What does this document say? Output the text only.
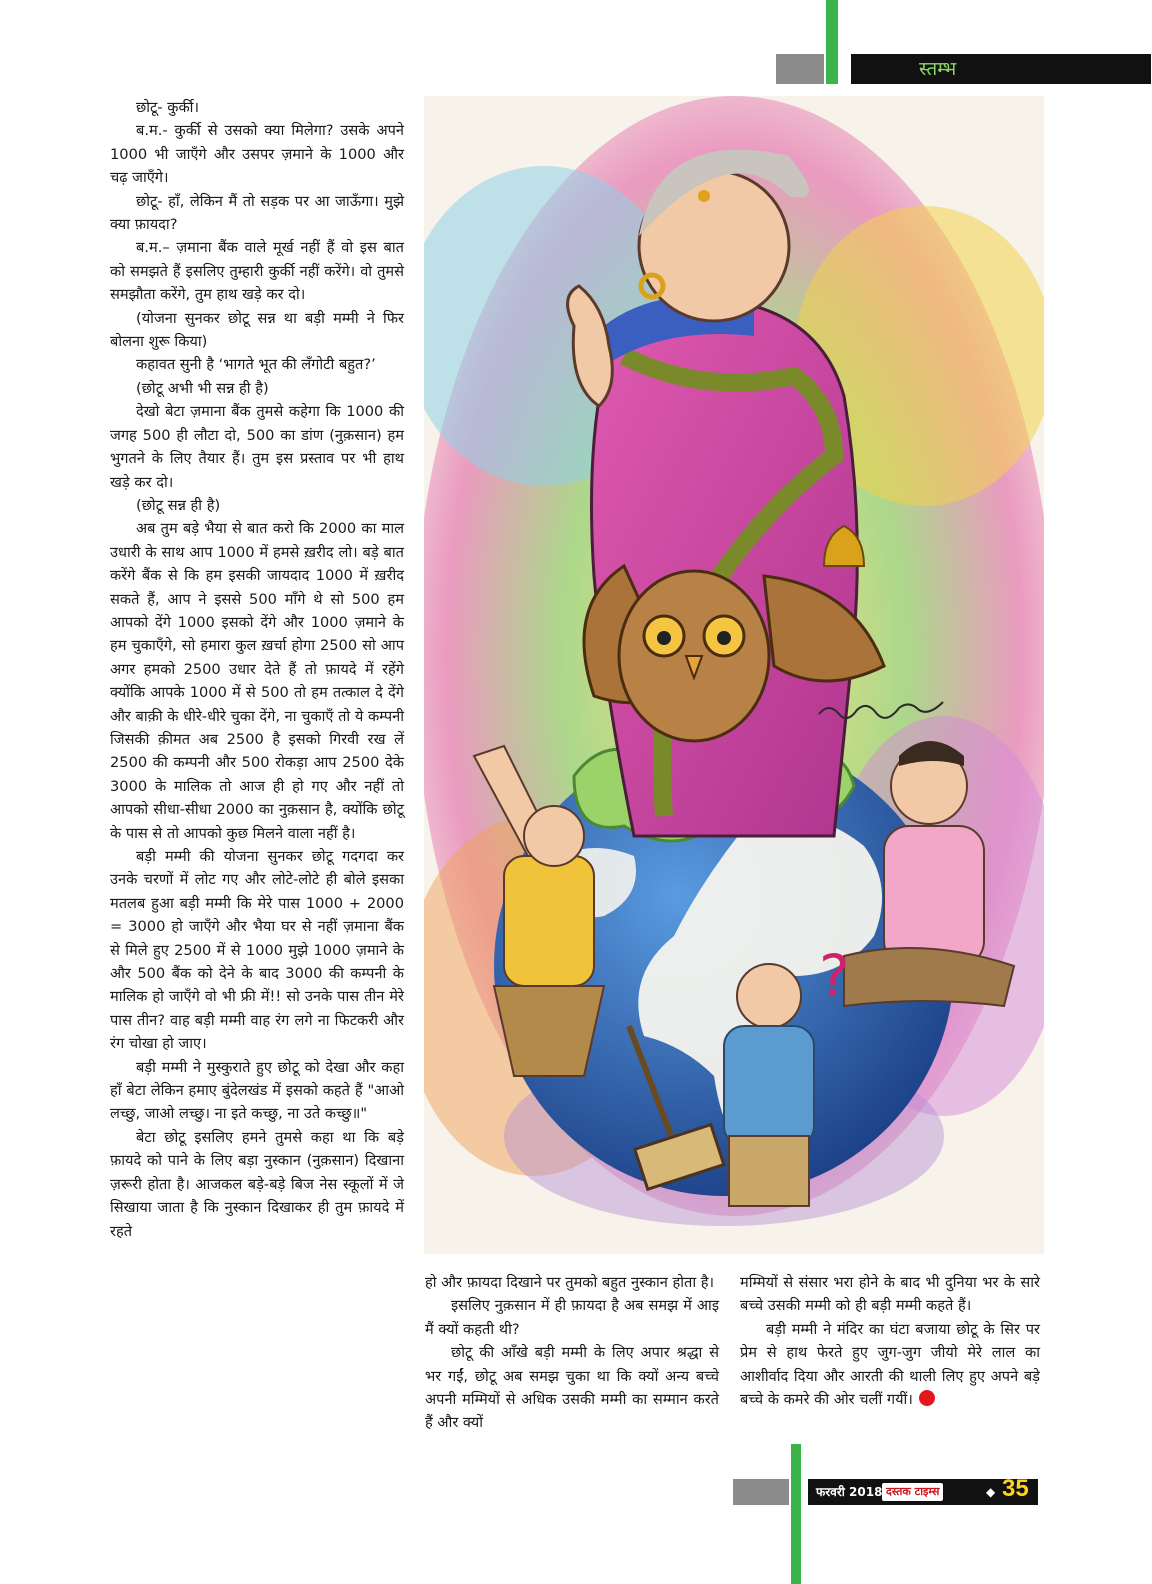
स्तम्भ

छोटू- कुर्की।

ब.म.- कुर्की से उसको क्या मिलेगा? उसके अपने 1000 भी जाएँगे और उसपर ज़माने के 1000 और चढ़ जाएँगे।

छोटू- हाँ, लेकिन मैं तो सड़क पर आ जाऊँगा। मुझे क्या फ़ायदा?

ब.म.– ज़माना बैंक वाले मूर्ख नहीं हैं वो इस बात को समझते हैं इसलिए तुम्हारी कुर्की नहीं करेंगे। वो तुमसे समझौता करेंगे, तुम हाथ खड़े कर दो।

(योजना सुनकर छोटू सन्न था बड़ी मम्मी ने फिर बोलना शुरू किया)

कहावत सुनी है ‘भागते भूत की लँगोटी बहुत?’

(छोटू अभी भी सन्न ही है)

देखो बेटा ज़माना बैंक तुमसे कहेगा कि 1000 की जगह 500 ही लौटा दो, 500 का डांण (नुक़सान) हम भुगतने के लिए तैयार हैं। तुम इस प्रस्ताव पर भी हाथ खड़े कर दो।

(छोटू सन्न ही है)

अब तुम बड़े भैया से बात करो कि 2000 का माल उधारी के साथ आप 1000 में हमसे ख़रीद लो। बड़े बात करेंगे बैंक से कि हम इसकी जायदाद 1000 में ख़रीद सकते हैं, आप ने इससे 500 माँगे थे सो 500 हम आपको देंगे 1000 इसको देंगे और 1000 ज़माने के हम चुकाएँगे, सो हमारा कुल ख़र्चा होगा 2500 सो आप अगर हमको 2500 उधार देते हैं तो फ़ायदे में रहेंगे क्योंकि आपके 1000 में से 500 तो हम तत्काल दे देंगे और बाक़ी के धीरे-धीरे चुका देंगे, ना चुकाएँ तो ये कम्पनी जिसकी क़ीमत अब 2500 है इसको गिरवी रख लें 2500 की कम्पनी और 500 रोकड़ा आप 2500 देके 3000 के मालिक तो आज ही हो गए और नहीं तो आपको सीधा-सीधा 2000 का नुक़सान है, क्योंकि छोटू के पास से तो आपको कुछ मिलने वाला नहीं है।

बड़ी मम्मी की योजना सुनकर छोटू गदगदा कर उनके चरणों में लोट गए और लोटे-लोटे ही बोले इसका मतलब हुआ बड़ी मम्मी कि मेरे पास 1000 + 2000 = 3000 हो जाएँगे और भैया घर से नहीं ज़माना बैंक से मिले हुए 2500 में से 1000 मुझे 1000 ज़माने के और 500 बैंक को देने के बाद 3000 की कम्पनी के मालिक हो जाएँगे वो भी फ्री में!! सो उनके पास तीन मेरे पास तीन? वाह बड़ी मम्मी वाह रंग लगे ना फिटकरी और रंग चोखा हो जाए।

बड़ी मम्मी ने मुस्कुराते हुए छोटू को देखा और कहा हाँ बेटा लेकिन हमाए बुंदेलखंड में इसको कहते हैं "आओ लच्छु, जाओ लच्छु। ना इते कच्छु, ना उते कच्छु॥"

बेटा छोटू इसलिए हमने तुमसे कहा था कि बड़े फ़ायदे को पाने के लिए बड़ा नुस्कान (नुक़सान) दिखाना ज़रूरी होता है। आजकल बड़े-बड़े बिज नेस स्कूलों में जे सिखाया जाता है कि नुस्कान दिखाकर ही तुम फ़ायदे में रहते

?

हो और फ़ायदा दिखाने पर तुमको बहुत नुस्कान होता है।

इसलिए नुक़सान में ही फ़ायदा है अब समझ में आइ मैं क्यों कहती थी?

छोटू की आँखे बड़ी मम्मी के लिए अपार श्रद्धा से भर गईं, छोटू अब समझ चुका था कि क्यों अन्य बच्चे अपनी मम्मियों से अधिक उसकी मम्मी का सम्मान करते हैं और क्यों

मम्मियों से संसार भरा होने के बाद भी दुनिया भर के सारे बच्चे उसकी मम्मी को ही बड़ी मम्मी कहते हैं।

बड़ी मम्मी ने मंदिर का घंटा बजाया छोटू के सिर पर प्रेम से हाथ फेरते हुए जुग-जुग जीयो मेरे लाल का आशीर्वाद दिया और आरती की थाली लिए हुए अपने बड़े बच्चे के कमरे की ओर चलीं गयीं।

फरवरी 2018 दस्तक टाइम्स	◆ 35
